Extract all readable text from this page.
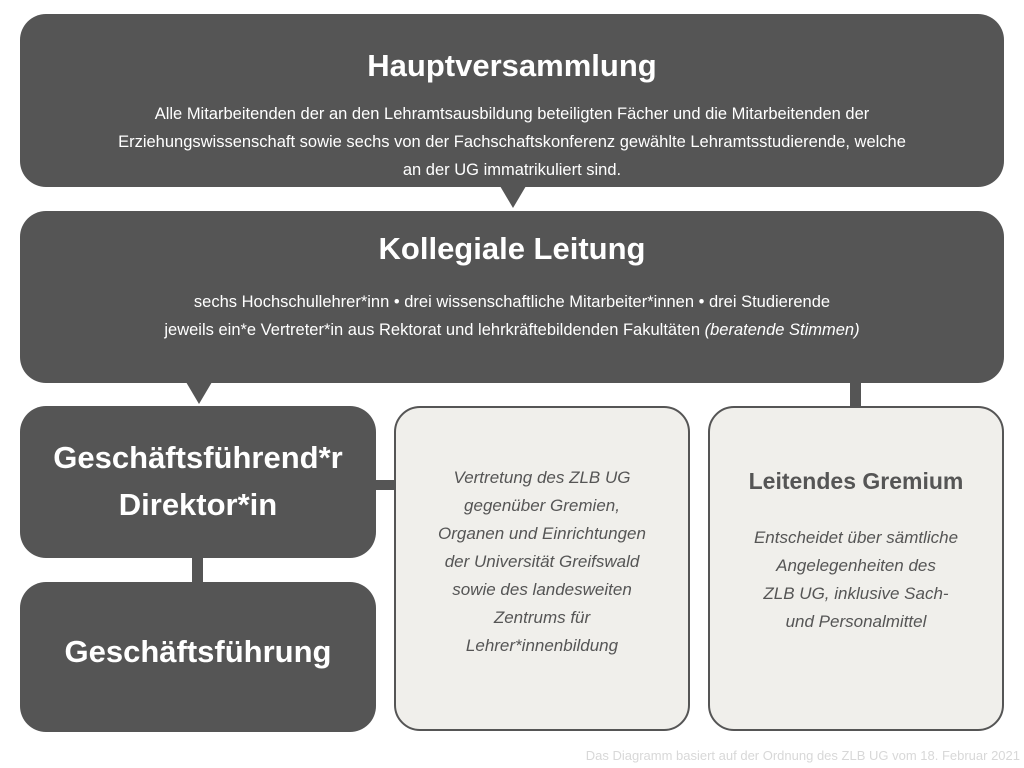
Hauptversammlung
Alle Mitarbeitenden der an den Lehramtsausbildung beteiligten Fächer und die Mitarbeitenden der
Erziehungswissenschaft sowie sechs von der Fachschaftskonferenz gewählte Lehramtsstudierende, welche
an der UG immatrikuliert sind.
Kollegiale Leitung
sechs Hochschullehrer*inn • drei wissenschaftliche Mitarbeiter*innen • drei Studierende
jeweils ein*e Vertreter*in aus Rektorat und lehrkräftebildenden Fakultäten (beratende Stimmen)
Geschäftsführend*r
Direktor*in
Geschäftsführung
Vertretung des ZLB UG
gegenüber Gremien,
Organen und Einrichtungen
der Universität Greifswald
sowie des landesweiten
Zentrums für
Lehrer*innenbildung
Leitendes Gremium
Entscheidet über sämtliche
Angelegenheiten des
ZLB UG, inklusive Sach-
und Personalmittel
Das Diagramm basiert auf der Ordnung des ZLB UG vom 18. Februar 2021
